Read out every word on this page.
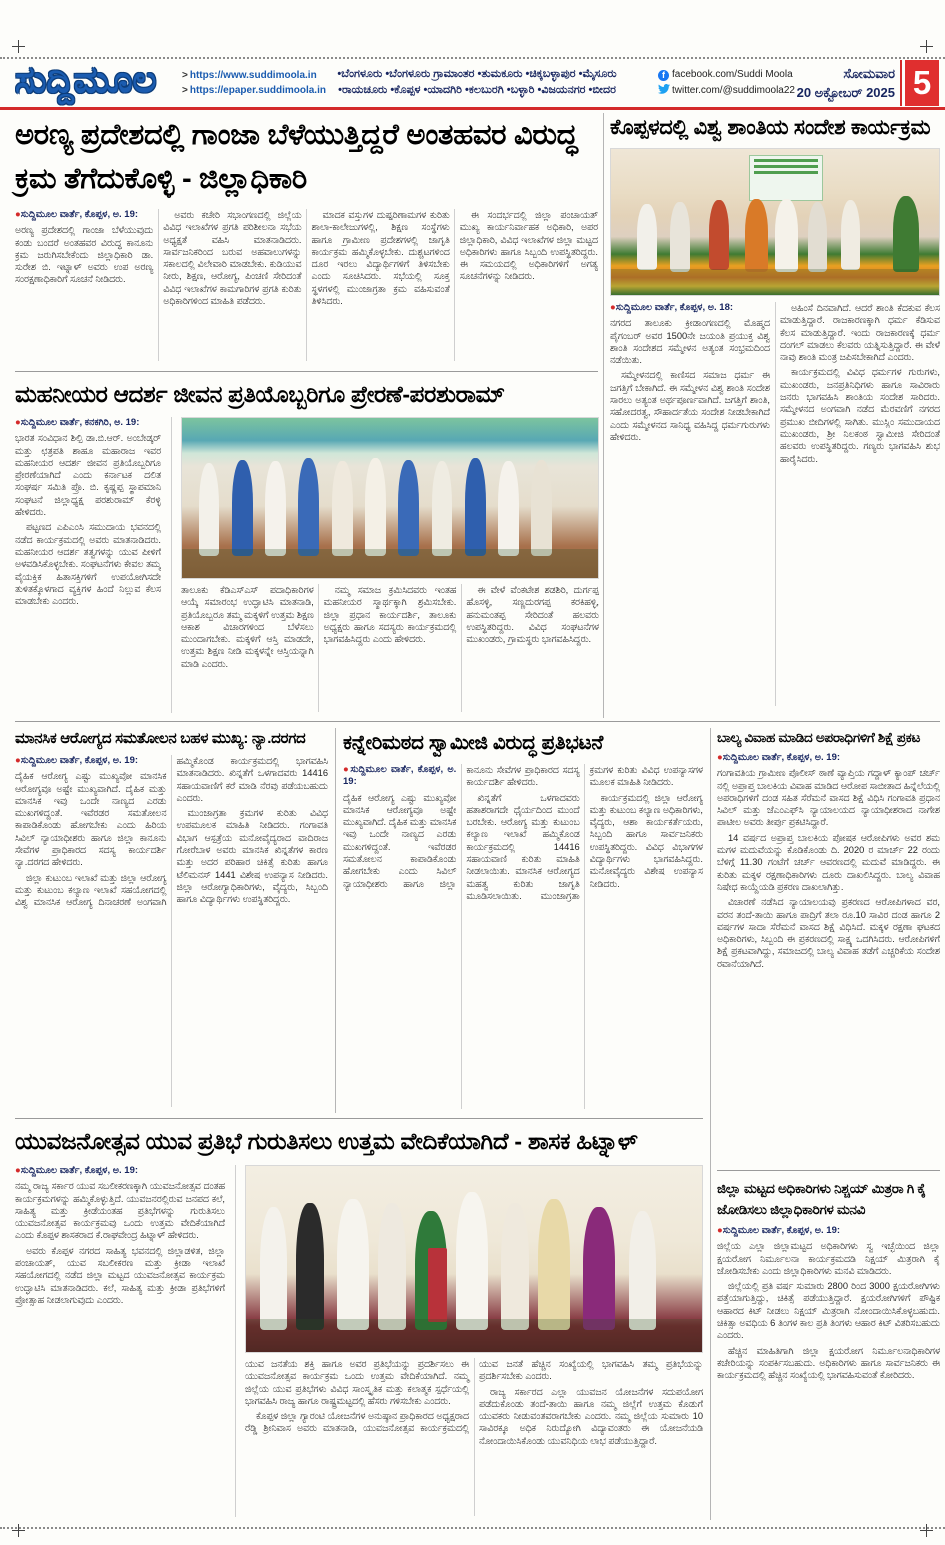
ಸುದ್ದಿಮೂಲ	> https://www.suddimoola.in
> https://epaper.suddimoola.in
•ಬೆಂಗಳೂರು •ಬೆಂಗಳೂರು ಗ್ರಾಮಾಂತರ •ತುಮಕೂರು •ಚಿಕ್ಕಬಳ್ಳಾಪುರ •ಮೈಸೂರು
•ರಾಯಚೂರು •ಕೊಪ್ಪಳ •ಯಾದಗಿರಿ •ಕಲಬುರಗಿ •ಬಳ್ಳಾರಿ •ವಿಜಯನಗರ •ಬೀದರ
f facebook.com/Suddi Moola
twitter.com/@suddimoola22
ಸೋಮವಾರ
20 ಅಕ್ಟೋಬರ್ 2025 5
ಅರಣ್ಯ ಪ್ರದೇಶದಲ್ಲಿ ಗಾಂಜಾ ಬೆಳೆಯುತ್ತಿದ್ದರೆ ಅಂತಹವರ ವಿರುದ್ಧ ಕ್ರಮ ತೆಗೆದುಕೊಳ್ಳಿ - ಜಿಲ್ಲಾಧಿಕಾರಿ

●ಸುದ್ದಿಮೂಲ ವಾರ್ತೆ, ಕೊಪ್ಪಳ, ಅ. 19:

ಅರಣ್ಯ ಪ್ರದೇಶದಲ್ಲಿ ಗಾಂಜಾ ಬೆಳೆಯುವುದು ಕಂಡು ಬಂದರೆ ಅಂತಹವರ ವಿರುದ್ಧ ಕಾನೂನು ಕ್ರಮ ಜರುಗಿಸಬೇಕೆಂದು ಜಿಲ್ಲಾಧಿಕಾರಿ ಡಾ. ಸುರೇಶ ಬಿ. ಇಟ್ನಾಳ್ ಅವರು ಉಪ ಅರಣ್ಯ ಸಂರಕ್ಷಣಾಧಿಕಾರಿಗೆ ಸೂಚನೆ ನೀಡಿದರು.

ಅವರು ಕಚೇರಿ ಸಭಾಂಗಣದಲ್ಲಿ ಜಿಲ್ಲೆಯ ವಿವಿಧ ಇಲಾಖೆಗಳ ಪ್ರಗತಿ ಪರಿಶೀಲನಾ ಸಭೆಯ ಅಧ್ಯಕ್ಷತೆ ವಹಿಸಿ ಮಾತನಾಡಿದರು. ಸಾರ್ವಜನಿಕರಿಂದ ಬರುವ ಅಹವಾಲುಗಳನ್ನು ಸಕಾಲದಲ್ಲಿ ವಿಲೇವಾರಿ ಮಾಡಬೇಕು. ಕುಡಿಯುವ ನೀರು, ಶಿಕ್ಷಣ, ಆರೋಗ್ಯ, ಪಿಂಚಣಿ ಸೇರಿದಂತೆ ವಿವಿಧ ಇಲಾಖೆಗಳ ಕಾಮಗಾರಿಗಳ ಪ್ರಗತಿ ಕುರಿತು ಅಧಿಕಾರಿಗಳಿಂದ ಮಾಹಿತಿ ಪಡೆದರು.

ಮಾದಕ ವಸ್ತುಗಳ ದುಷ್ಪರಿಣಾಮಗಳ ಕುರಿತು ಶಾಲಾ-ಕಾಲೇಜುಗಳಲ್ಲಿ, ಶಿಕ್ಷಣ ಸಂಸ್ಥೆಗಳು ಹಾಗೂ ಗ್ರಾಮೀಣ ಪ್ರದೇಶಗಳಲ್ಲಿ ಜಾಗೃತಿ ಕಾರ್ಯಕ್ರಮ ಹಮ್ಮಿಕೊಳ್ಳಬೇಕು. ದುಶ್ಚಟಗಳಿಂದ ದೂರ ಇರಲು ವಿದ್ಯಾರ್ಥಿಗಳಿಗೆ ತಿಳಿಸಬೇಕು ಎಂದು ಸೂಚಿಸಿದರು. ಸಭೆಯಲ್ಲಿ ಸೂಕ್ತ ಸ್ಥಳಗಳಲ್ಲಿ ಮುಂಜಾಗ್ರತಾ ಕ್ರಮ ವಹಿಸುವಂತೆ ತಿಳಿಸಿದರು.

ಈ ಸಂದರ್ಭದಲ್ಲಿ ಜಿಲ್ಲಾ ಪಂಚಾಯತ್ ಮುಖ್ಯ ಕಾರ್ಯನಿರ್ವಾಹಕ ಅಧಿಕಾರಿ, ಅಪರ ಜಿಲ್ಲಾಧಿಕಾರಿ, ವಿವಿಧ ಇಲಾಖೆಗಳ ಜಿಲ್ಲಾ ಮಟ್ಟದ ಅಧಿಕಾರಿಗಳು ಹಾಗೂ ಸಿಬ್ಬಂದಿ ಉಪಸ್ಥಿತರಿದ್ದರು. ಈ ಸಮಯದಲ್ಲಿ ಅಧಿಕಾರಿಗಳಿಗೆ ಅಗತ್ಯ ಸೂಚನೆಗಳನ್ನು ನೀಡಿದರು.

ಕೊಪ್ಪಳದಲ್ಲಿ ವಿಶ್ವ ಶಾಂತಿಯ ಸಂದೇಶ ಕಾರ್ಯಕ್ರಮ

●ಸುದ್ದಿಮೂಲ ವಾರ್ತೆ, ಕೊಪ್ಪಳ, ಅ. 18:

ನಗರದ ತಾಲೂಕು ಕ್ರೀಡಾಂಗಣದಲ್ಲಿ ಮೊಹ್ಮದ ಪೈಗಂಬರ್ ಅವರ 1500ನೇ ಜಯಂತಿ ಪ್ರಯುಕ್ತ ವಿಶ್ವ ಶಾಂತಿ ಸಂದೇಶದ ಸಮ್ಮೇಳನ ಅತ್ಯಂತ ಸಂಭ್ರಮದಿಂದ ನಡೆಯಿತು.

ಸಮ್ಮೇಳನದಲ್ಲಿ ಕಾಣಿಸದ ಸಮಾಜ ಧರ್ಮ ಈ ಜಗತ್ತಿಗೆ ಬೇಕಾಗಿದೆ. ಈ ಸಮ್ಮೇಳನ ವಿಶ್ವ ಶಾಂತಿ ಸಂದೇಶ ಸಾರಲು ಅತ್ಯಂತ ಅರ್ಥಪೂರ್ಣವಾಗಿದೆ. ಜಗತ್ತಿಗೆ ಶಾಂತಿ, ಸಹೋದರತ್ವ, ಸೌಹಾರ್ದತೆಯ ಸಂದೇಶ ನೀಡಬೇಕಾಗಿದೆ ಎಂದು ಸಮ್ಮೇಳನದ ಸಾನಿಧ್ಯ ವಹಿಸಿದ್ದ ಧರ್ಮಗುರುಗಳು ಹೇಳಿದರು.

ಅಹಿಂಸೆ ದಿನವಾಗಿದೆ. ಆದರೆ ಶಾಂತಿ ಕೆದಕುವ ಕೆಲಸ ಮಾಡುತ್ತಿದ್ದಾರೆ. ರಾಜಕಾರಣಕ್ಕಾಗಿ ಧರ್ಮ ಕೆಡಿಸುವ ಕೆಲಸ ಮಾಡುತ್ತಿದ್ದಾರೆ. ಇಂದು ರಾಜಕಾರಣಕ್ಕೆ ಧರ್ಮ ದಂಗಲ್ ಮಾಡಲು ಕೆಲವರು ಯತ್ನಿಸುತ್ತಿದ್ದಾರೆ. ಈ ವೇಳೆ ನಾವು ಶಾಂತಿ ಮಂತ್ರ ಜಪಿಸಬೇಕಾಗಿದೆ ಎಂದರು.

ಕಾರ್ಯಕ್ರಮದಲ್ಲಿ ವಿವಿಧ ಧರ್ಮಗಳ ಗುರುಗಳು, ಮುಖಂಡರು, ಜನಪ್ರತಿನಿಧಿಗಳು ಹಾಗೂ ಸಾವಿರಾರು ಜನರು ಭಾಗವಹಿಸಿ ಶಾಂತಿಯ ಸಂದೇಶ ಸಾರಿದರು. ಸಮ್ಮೇಳನದ ಅಂಗವಾಗಿ ನಡೆದ ಮೆರವಣಿಗೆ ನಗರದ ಪ್ರಮುಖ ಬೀದಿಗಳಲ್ಲಿ ಸಾಗಿತು. ಮುಸ್ಲಿಂ ಸಮುದಾಯದ ಮುಖಂಡರು, ಶ್ರೀ ನಿಲಕಂಠ ಸ್ವಾಮೀಜಿ ಸೇರಿದಂತೆ ಹಲವರು ಉಪಸ್ಥಿತರಿದ್ದರು. ಗಣ್ಯರು ಭಾಗವಹಿಸಿ ಶುಭ ಹಾರೈಸಿದರು.

ಮಹನೀಯರ ಆದರ್ಶ ಜೀವನ ಪ್ರತಿಯೊಬ್ಬರಿಗೂ ಪ್ರೇರಣೆ-ಪರಶುರಾಮ್

●ಸುದ್ದಿಮೂಲ ವಾರ್ತೆ, ಕನಕಗಿರಿ, ಅ. 19:

ಭಾರತ ಸಂವಿಧಾನ ಶಿಲ್ಪಿ ಡಾ.ಬಿ.ಆರ್. ಅಂಬೇಡ್ಕರ್ ಮತ್ತು ಛತ್ರಪತಿ ಶಾಹೂ ಮಹಾರಾಜ ಇವರ ಮಹನೀಯರ ಆದರ್ಶ ಜೀವನ ಪ್ರತಿಯೊಬ್ಬರಿಗೂ ಪ್ರೇರಣೆಯಾಗಿದೆ ಎಂದು ಕರ್ನಾಟಕ ದಲಿತ ಸಂಘರ್ಷ ಸಮಿತಿ ಪ್ರೊ. ಬಿ. ಕೃಷ್ಣಪ್ಪ ಸ್ಥಾಪಮಾನಿ ಸಂಘಟನೆ ಜಿಲ್ಲಾಧ್ಯಕ್ಷ ಪರಶುರಾಮ್ ಕೆರಳ್ಳಿ ಹೇಳಿದರು.

ಪಟ್ಟಣದ ಎಪಿಎಂಸಿ ಸಮುದಾಯ ಭವನದಲ್ಲಿ ನಡೆದ ಕಾರ್ಯಕ್ರಮದಲ್ಲಿ ಅವರು ಮಾತನಾಡಿದರು. ಮಹನೀಯರ ಆದರ್ಶ ತತ್ವಗಳನ್ನು ಯುವ ಪೀಳಿಗೆ ಅಳವಡಿಸಿಕೊಳ್ಳಬೇಕು. ಸಂಘಟನೆಗಳು ಕೇವಲ ತಮ್ಮ ವೈಯಕ್ತಿಕ ಹಿತಾಸಕ್ತಿಗಳಿಗೆ ಉಪಯೋಗಿಸದೇ ತುಳಿತಕ್ಕೊಳಗಾದ ವ್ಯಕ್ತಿಗಳ ಹಿಂದೆ ನಿಲ್ಲುವ ಕೆಲಸ ಮಾಡಬೇಕು ಎಂದರು.

ತಾಲೂಕು ಕೆಡಿಎಸ್‌ಎಸ್ ಪದಾಧಿಕಾರಿಗಳ ಆಯ್ಕೆ ಸಮಾರಂಭ ಉದ್ಘಾಟಿಸಿ ಮಾತನಾಡಿ, ಪ್ರತಿಯೊಬ್ಬರೂ ತಮ್ಮ ಮಕ್ಕಳಿಗೆ ಉತ್ತಮ ಶಿಕ್ಷಣ ಆಕಾಶ ವಿಚಾರಗಳಿಂದ ಬೆಳೆಸಲು ಮುಂದಾಗಬೇಕು. ಮಕ್ಕಳಿಗೆ ಆಸ್ತಿ ಮಾಡದೇ, ಉತ್ತಮ ಶಿಕ್ಷಣ ನೀಡಿ ಮಕ್ಕಳನ್ನೇ ಆಸ್ತಿಯನ್ನಾಗಿ ಮಾಡಿ ಎಂದರು.

ನಮ್ಮ ಸಮಾಜ ಕ್ರಮಿಸಿದವರು ಇಂತಹ ಮಹನೀಯರ ಸ್ಮಾರ್ಥಕ್ಕಾಗಿ ಶ್ರಮಿಸಬೇಕು. ಜಿಲ್ಲಾ ಪ್ರಧಾನ ಕಾರ್ಯದರ್ಶಿ, ತಾಲೂಕು ಅಧ್ಯಕ್ಷರು ಹಾಗೂ ಸದಸ್ಯರು ಕಾರ್ಯಕ್ರಮದಲ್ಲಿ ಭಾಗವಹಿಸಿದ್ದರು ಎಂದು ಹೇಳಿದರು.

ಈ ವೇಳೆ ವೆಂಕಟೇಶ ಶಡಶಿರಿ, ದುರ್ಗಪ್ಪ ಹೊಸಳ್ಳಿ, ಸಣ್ಣದುರಗಪ್ಪ ಕರಕಿಹಳ್ಳಿ, ಹನುಮಂತಪ್ಪ ಸೇರಿದಂತೆ ಹಲವರು ಉಪಸ್ಥಿತರಿದ್ದರು. ವಿವಿಧ ಸಂಘಟನೆಗಳ ಮುಖಂಡರು, ಗ್ರಾಮಸ್ಥರು ಭಾಗವಹಿಸಿದ್ದರು.

ಮಾನಸಿಕ ಆರೋಗ್ಯದ ಸಮತೋಲನ ಬಹಳ ಮುಖ್ಯ: ನ್ಯಾ.ದರಗದ

●ಸುದ್ದಿಮೂಲ ವಾರ್ತೆ, ಕೊಪ್ಪಳ, ಅ. 19:

ದೈಹಿಕ ಆರೋಗ್ಯ ಎಷ್ಟು ಮುಖ್ಯವೋ ಮಾನಸಿಕ ಆರೋಗ್ಯವೂ ಅಷ್ಟೇ ಮುಖ್ಯವಾಗಿದೆ. ದೈಹಿಕ ಮತ್ತು ಮಾನಸಿಕ ಇವು ಒಂದೇ ನಾಣ್ಯದ ಎರಡು ಮುಖಗಳಿದ್ದಂತೆ. ಇವೆರಡರ ಸಮತೋಲನ ಕಾಪಾಡಿಕೊಂಡು ಹೋಗಬೇಕು ಎಂದು ಹಿರಿಯ ಸಿವಿಲ್ ನ್ಯಾಯಾಧೀಶರು ಹಾಗೂ ಜಿಲ್ಲಾ ಕಾನೂನು ಸೇವೆಗಳ ಪ್ರಾಧಿಕಾರದ ಸದಸ್ಯ ಕಾರ್ಯದರ್ಶಿ ನ್ಯಾ.ದರಗದ ಹೇಳಿದರು.

ಜಿಲ್ಲಾ ಕುಟುಂಬ ಇಲಾಖೆ ಮತ್ತು ಜಿಲ್ಲಾ ಆರೋಗ್ಯ ಮತ್ತು ಕುಟುಂಬ ಕಲ್ಯಾಣ ಇಲಾಖೆ ಸಹಯೋಗದಲ್ಲಿ ವಿಶ್ವ ಮಾನಸಿಕ ಆರೋಗ್ಯ ದಿನಾಚರಣೆ ಅಂಗವಾಗಿ ಹಮ್ಮಿಕೊಂಡ ಕಾರ್ಯಕ್ರಮದಲ್ಲಿ ಭಾಗವಹಿಸಿ ಮಾತನಾಡಿದರು. ಖಿನ್ನತೆಗೆ ಒಳಗಾದವರು 14416 ಸಹಾಯವಾಣಿಗೆ ಕರೆ ಮಾಡಿ ನೆರವು ಪಡೆಯಬಹುದು ಎಂದರು.

ಮುಂಜಾಗ್ರತಾ ಕ್ರಮಗಳ ಕುರಿತು ವಿವಿಧ ಉಪಮೂಲಕ ಮಾಹಿತಿ ನೀಡಿದರು. ಗಂಗಾವತಿ ವಿಭಾಗ ಆಸ್ಪತ್ರೆಯ ಮನೋವೈದ್ಯರಾದ ವಾದಿರಾಜ ಗೋರೆಬಾಳ ಅವರು ಮಾನಸಿಕ ಖಿನ್ನತೆಗಳ ಕಾರಣ ಮತ್ತು ಅದರ ಪರಿಹಾರ ಚಿಕಿತ್ಸೆ ಕುರಿತು ಹಾಗೂ ಟೆಲಿಮನಸ್ 1441 ವಿಶೇಷ ಉಪನ್ಯಾಸ ನೀಡಿದರು. ಜಿಲ್ಲಾ ಆರೋಗ್ಯಾಧಿಕಾರಿಗಳು, ವೈದ್ಯರು, ಸಿಬ್ಬಂದಿ ಹಾಗೂ ವಿದ್ಯಾರ್ಥಿಗಳು ಉಪಸ್ಥಿತರಿದ್ದರು.

ಕನ್ನೇರಿಮಠದ ಸ್ವಾಮೀಜಿ ವಿರುದ್ಧ ಪ್ರತಿಭಟನೆ

●ಸುದ್ದಿಮೂಲ ವಾರ್ತೆ, ಕೊಪ್ಪಳ, ಅ. 19:

ದೈಹಿಕ ಆರೋಗ್ಯ ಎಷ್ಟು ಮುಖ್ಯವೋ ಮಾನಸಿಕ ಆರೋಗ್ಯವೂ ಅಷ್ಟೇ ಮುಖ್ಯವಾಗಿದೆ. ದೈಹಿಕ ಮತ್ತು ಮಾನಸಿಕ ಇವು ಒಂದೇ ನಾಣ್ಯದ ಎರಡು ಮುಖಗಳಿದ್ದಂತೆ. ಇವೆರಡರ ಸಮತೋಲನ ಕಾಪಾಡಿಕೊಂಡು ಹೋಗಬೇಕು ಎಂದು ಸಿವಿಲ್ ನ್ಯಾಯಾಧೀಶರು ಹಾಗೂ ಜಿಲ್ಲಾ ಕಾನೂನು ಸೇವೆಗಳ ಪ್ರಾಧಿಕಾರದ ಸದಸ್ಯ ಕಾರ್ಯದರ್ಶಿ ಹೇಳಿದರು.

ಖಿನ್ನತೆಗೆ ಒಳಗಾದವರು ಹತಾಶರಾಗದೇ ಧೈರ್ಯದಿಂದ ಮುಂದೆ ಬರಬೇಕು. ಆರೋಗ್ಯ ಮತ್ತು ಕುಟುಂಬ ಕಲ್ಯಾಣ ಇಲಾಖೆ ಹಮ್ಮಿಕೊಂಡ ಕಾರ್ಯಕ್ರಮದಲ್ಲಿ 14416 ಸಹಾಯವಾಣಿ ಕುರಿತು ಮಾಹಿತಿ ನೀಡಲಾಯಿತು. ಮಾನಸಿಕ ಆರೋಗ್ಯದ ಮಹತ್ವ ಕುರಿತು ಜಾಗೃತಿ ಮೂಡಿಸಲಾಯಿತು. ಮುಂಜಾಗ್ರತಾ ಕ್ರಮಗಳ ಕುರಿತು ವಿವಿಧ ಉಪನ್ಯಾಸಗಳ ಮೂಲಕ ಮಾಹಿತಿ ನೀಡಿದರು.

ಕಾರ್ಯಕ್ರಮದಲ್ಲಿ ಜಿಲ್ಲಾ ಆರೋಗ್ಯ ಮತ್ತು ಕುಟುಂಬ ಕಲ್ಯಾಣ ಅಧಿಕಾರಿಗಳು, ವೈದ್ಯರು, ಆಶಾ ಕಾರ್ಯಕರ್ತೆಯರು, ಸಿಬ್ಬಂದಿ ಹಾಗೂ ಸಾರ್ವಜನಿಕರು ಉಪಸ್ಥಿತರಿದ್ದರು. ವಿವಿಧ ವಿಭಾಗಗಳ ವಿದ್ಯಾರ್ಥಿಗಳು ಭಾಗವಹಿಸಿದ್ದರು. ಮನೋವೈದ್ಯರು ವಿಶೇಷ ಉಪನ್ಯಾಸ ನೀಡಿದರು.

ಬಾಲ್ಯ ವಿವಾಹ ಮಾಡಿದ ಅಪರಾಧಿಗಳಿಗೆ ಶಿಕ್ಷೆ ಪ್ರಕಟ

●ಸುದ್ದಿಮೂಲ ವಾರ್ತೆ, ಕೊಪ್ಪಳ, ಅ. 19:

ಗಂಗಾವತಿಯ ಗ್ರಾಮೀಣ ಪೊಲೀಸ್ ಠಾಣೆ ವ್ಯಾಪ್ತಿಯ ಗದ್ದಾಳ್ ಕ್ಯಾಂಪ್ ಚರ್ಚ್ ನಲ್ಲಿ ಅಪ್ರಾಪ್ತ ಬಾಲಕಿಯ ವಿವಾಹ ಮಾಡಿದ ಆರೋಪ ಸಾಬೀತಾದ ಹಿನ್ನೆಲೆಯಲ್ಲಿ ಅಪರಾಧಿಗಳಿಗೆ ದಂಡ ಸಹಿತ ಸೆರೆಮನೆ ವಾಸದ ಶಿಕ್ಷೆ ವಿಧಿಸಿ ಗಂಗಾವತಿ ಪ್ರಧಾನ ಸಿವಿಲ್ ಮತ್ತು ಜೆಎಂಎಫ್‌ಸಿ ನ್ಯಾಯಾಲಯದ ನ್ಯಾಯಾಧೀಶರಾದ ನಾಗೇಶ ಪಾಟೀಲ ಅವರು ತೀರ್ಪು ಪ್ರಕಟಿಸಿದ್ದಾರೆ.

14 ವರ್ಷದ ಅಪ್ರಾಪ್ತ ಬಾಲಕಿಯ ಪೋಷಕ ಆರೋಪಿಗಳು ಅವರ ಶಮ ಮಗಳ ಮದುವೆಯನ್ನು ಕೊಡಿಕೊಂಡು ದಿ. 2020 ರ ಮಾರ್ಚ್ 22 ರಂದು ಬೆಳಿಗ್ಗೆ 11.30 ಗಂಟೆಗೆ ಚರ್ಚ್ ಆವರಣದಲ್ಲಿ ಮದುವೆ ಮಾಡಿದ್ದರು. ಈ ಕುರಿತು ಮಕ್ಕಳ ರಕ್ಷಣಾಧಿಕಾರಿಗಳು ದೂರು ದಾಖಲಿಸಿದ್ದರು. ಬಾಲ್ಯ ವಿವಾಹ ನಿಷೇಧ ಕಾಯ್ದೆಯಡಿ ಪ್ರಕರಣ ದಾಖಲಾಗಿತ್ತು.

ವಿಚಾರಣೆ ನಡೆಸಿದ ನ್ಯಾಯಾಲಯವು ಪ್ರಕರಣದ ಆರೋಪಿಗಳಾದ ವರ, ವರನ ತಂದೆ-ತಾಯಿ ಹಾಗೂ ಪಾದ್ರಿಗೆ ತಲಾ ರೂ.10 ಸಾವಿರ ದಂಡ ಹಾಗೂ 2 ವರ್ಷಗಳ ಸಾದಾ ಸೆರೆಮನೆ ವಾಸದ ಶಿಕ್ಷೆ ವಿಧಿಸಿದೆ. ಮಕ್ಕಳ ರಕ್ಷಣಾ ಘಟಕದ ಅಧಿಕಾರಿಗಳು, ಸಿಬ್ಬಂದಿ ಈ ಪ್ರಕರಣದಲ್ಲಿ ಸಾಕ್ಷ್ಯ ಒದಗಿಸಿದರು. ಆರೋಪಿಗಳಿಗೆ ಶಿಕ್ಷೆ ಪ್ರಕಟವಾಗಿದ್ದು, ಸಮಾಜದಲ್ಲಿ ಬಾಲ್ಯ ವಿವಾಹ ತಡೆಗೆ ಎಚ್ಚರಿಕೆಯ ಸಂದೇಶ ರವಾನೆಯಾಗಿದೆ.

ಯುವಜನೋತ್ಸವ ಯುವ ಪ್ರತಿಭೆ ಗುರುತಿಸಲು ಉತ್ತಮ ವೇದಿಕೆಯಾಗಿದೆ - ಶಾಸಕ ಹಿಟ್ನಾಳ್

●ಸುದ್ದಿಮೂಲ ವಾರ್ತೆ, ಕೊಪ್ಪಳ, ಅ. 19:

ನಮ್ಮ ರಾಜ್ಯ ಸರ್ಕಾರ ಯುವ ಸಬಲೀಕರಣಕ್ಕಾಗಿ ಯುವಜನೋತ್ಸವ ದಂತಹ ಕಾರ್ಯಕ್ರಮಗಳನ್ನು ಹಮ್ಮಿಕೊಳ್ಳುತ್ತಿದೆ. ಯುವಜನರಲ್ಲಿರುವ ಜನಪದ ಕಲೆ, ಸಾಹಿತ್ಯ ಮತ್ತು ಕ್ರೀಡೆಯಂತಹ ಪ್ರತಿಭೆಗಳನ್ನು ಗುರುತಿಸಲು ಯುವಜನೋತ್ಸವ ಕಾರ್ಯಕ್ರಮವು ಒಂದು ಉತ್ತಮ ವೇದಿಕೆಯಾಗಿದೆ ಎಂದು ಕೊಪ್ಪಳ ಶಾಸಕರಾದ ಕೆ.ರಾಘವೇಂದ್ರ ಹಿಟ್ನಾಳ್ ಹೇಳಿದರು.

ಅವರು ಕೊಪ್ಪಳ ನಗರದ ಸಾಹಿತ್ಯ ಭವನದಲ್ಲಿ ಜಿಲ್ಲಾಡಳಿತ, ಜಿಲ್ಲಾ ಪಂಚಾಯತ್, ಯುವ ಸಬಲೀಕರಣ ಮತ್ತು ಕ್ರೀಡಾ ಇಲಾಖೆ ಸಹಯೋಗದಲ್ಲಿ ನಡೆದ ಜಿಲ್ಲಾ ಮಟ್ಟದ ಯುವಜನೋತ್ಸವ ಕಾರ್ಯಕ್ರಮ ಉದ್ಘಾಟಿಸಿ ಮಾತನಾಡಿದರು. ಕಲೆ, ಸಾಹಿತ್ಯ ಮತ್ತು ಕ್ರೀಡಾ ಪ್ರತಿಭೆಗಳಿಗೆ ಪ್ರೋತ್ಸಾಹ ನೀಡಲಾಗುವುದು ಎಂದರು.

ಯುವ ಜನತೆಯ ಶಕ್ತಿ ಹಾಗೂ ಅವರ ಪ್ರತಿಭೆಯನ್ನು ಪ್ರದರ್ಶಿಸಲು ಈ ಯುವಜನೋತ್ಸವ ಕಾರ್ಯಕ್ರಮ ಒಂದು ಉತ್ತಮ ವೇದಿಕೆಯಾಗಿದೆ. ನಮ್ಮ ಜಿಲ್ಲೆಯ ಯುವ ಪ್ರತಿಭೆಗಳು ವಿವಿಧ ಸಾಂಸ್ಕೃತಿಕ ಮತ್ತು ಕಲಾತ್ಮಕ ಸ್ಪರ್ಧೆಯಲ್ಲಿ ಭಾಗವಹಿಸಿ ರಾಜ್ಯ ಹಾಗೂ ರಾಷ್ಟ್ರಮಟ್ಟದಲ್ಲಿ ಹೆಸರು ಗಳಿಸಬೇಕು ಎಂದರು.

ಕೊಪ್ಪಳ ಜಿಲ್ಲಾ ಗ್ಯಾರಂಟಿ ಯೋಜನೆಗಳ ಅನುಷ್ಠಾನ ಪ್ರಾಧಿಕಾರದ ಅಧ್ಯಕ್ಷರಾದ ರೆಡ್ಡಿ ಶ್ರೀನಿವಾಸ ಅವರು ಮಾತನಾಡಿ, ಯುವಜನೋತ್ಸವ ಕಾರ್ಯಕ್ರಮದಲ್ಲಿ ಯುವ ಜನತೆ ಹೆಚ್ಚಿನ ಸಂಖ್ಯೆಯಲ್ಲಿ ಭಾಗವಹಿಸಿ ತಮ್ಮ ಪ್ರತಿಭೆಯನ್ನು ಪ್ರದರ್ಶಿಸಬೇಕು ಎಂದರು.

ರಾಜ್ಯ ಸರ್ಕಾರದ ಎಲ್ಲಾ ಯುವಜನ ಯೋಜನೆಗಳ ಸದುಪಯೋಗ ಪಡೆದುಕೊಂಡು ತಂದೆ-ತಾಯಿ ಹಾಗೂ ನಮ್ಮ ಜಿಲ್ಲೆಗೆ ಉತ್ತಮ ಕೊಡುಗೆ ಯುವಕರು ನೀಡುವಂತವರಾಗಬೇಕು ಎಂದರು. ನಮ್ಮ ಜಿಲ್ಲೆಯ ಸುಮಾರು 10 ಸಾವಿರಕ್ಕೂ ಅಧಿಕ ನಿರುದ್ಯೋಗಿ ವಿದ್ಯಾವಂತರು ಈ ಯೋಜನೆಯಡಿ ನೋಂದಾಯಿಸಿಕೊಂಡು ಯುವನಿಧಿಯ ಲಾಭ ಪಡೆಯುತ್ತಿದ್ದಾರೆ.

ಜಿಲ್ಲಾ ಮಟ್ಟದ ಅಧಿಕಾರಿಗಳು ನಿಶ್ಚಯ್ ಮಿತ್ರರಾ ಗಿ ಕೈ ಜೋಡಿಸಲು ಜಿಲ್ಲಾಧಿಕಾರಿಗಳ ಮನವಿ

●ಸುದ್ದಿಮೂಲ ವಾರ್ತೆ, ಕೊಪ್ಪಳ, ಅ. 19:

ಜಿಲ್ಲೆಯ ಎಲ್ಲಾ ಜಿಲ್ಲಾಮಟ್ಟದ ಅಧಿಕಾರಿಗಳು ಸ್ವ ಇಚ್ಛೆಯಿಂದ ಜಿಲ್ಲಾ ಕ್ಷಯರೋಗ ನಿರ್ಮೂಲನಾ ಕಾರ್ಯಕ್ರಮದಡಿ ನಿಕ್ಷಯ್ ಮಿತ್ರರಾಗಿ ಕೈ ಜೋಡಿಸಬೇಕು ಎಂದು ಜಿಲ್ಲಾಧಿಕಾರಿಗಳು ಮನವಿ ಮಾಡಿದರು.

ಜಿಲ್ಲೆಯಲ್ಲಿ ಪ್ರತಿ ವರ್ಷ ಸುಮಾರು 2800 ರಿಂದ 3000 ಕ್ಷಯರೋಗಿಗಳು ಪತ್ತೆಯಾಗುತ್ತಿದ್ದು, ಚಿಕಿತ್ಸೆ ಪಡೆಯುತ್ತಿದ್ದಾರೆ. ಕ್ಷಯರೋಗಿಗಳಿಗೆ ಪೌಷ್ಟಿಕ ಆಹಾರದ ಕಿಟ್ ನೀಡಲು ನಿಕ್ಷಯ್ ಮಿತ್ರರಾಗಿ ನೋಂದಾಯಿಸಿಕೊಳ್ಳಬಹುದು. ಚಿಕಿತ್ಸಾ ಅವಧಿಯ 6 ತಿಂಗಳ ಕಾಲ ಪ್ರತಿ ತಿಂಗಳು ಆಹಾರ ಕಿಟ್ ವಿತರಿಸಬಹುದು ಎಂದರು.

ಹೆಚ್ಚಿನ ಮಾಹಿತಿಗಾಗಿ ಜಿಲ್ಲಾ ಕ್ಷಯರೋಗ ನಿರ್ಮೂಲನಾಧಿಕಾರಿಗಳ ಕಚೇರಿಯನ್ನು ಸಂಪರ್ಕಿಸಬಹುದು. ಅಧಿಕಾರಿಗಳು ಹಾಗೂ ಸಾರ್ವಜನಿಕರು ಈ ಕಾರ್ಯಕ್ರಮದಲ್ಲಿ ಹೆಚ್ಚಿನ ಸಂಖ್ಯೆಯಲ್ಲಿ ಭಾಗವಹಿಸುವಂತೆ ಕೋರಿದರು.
